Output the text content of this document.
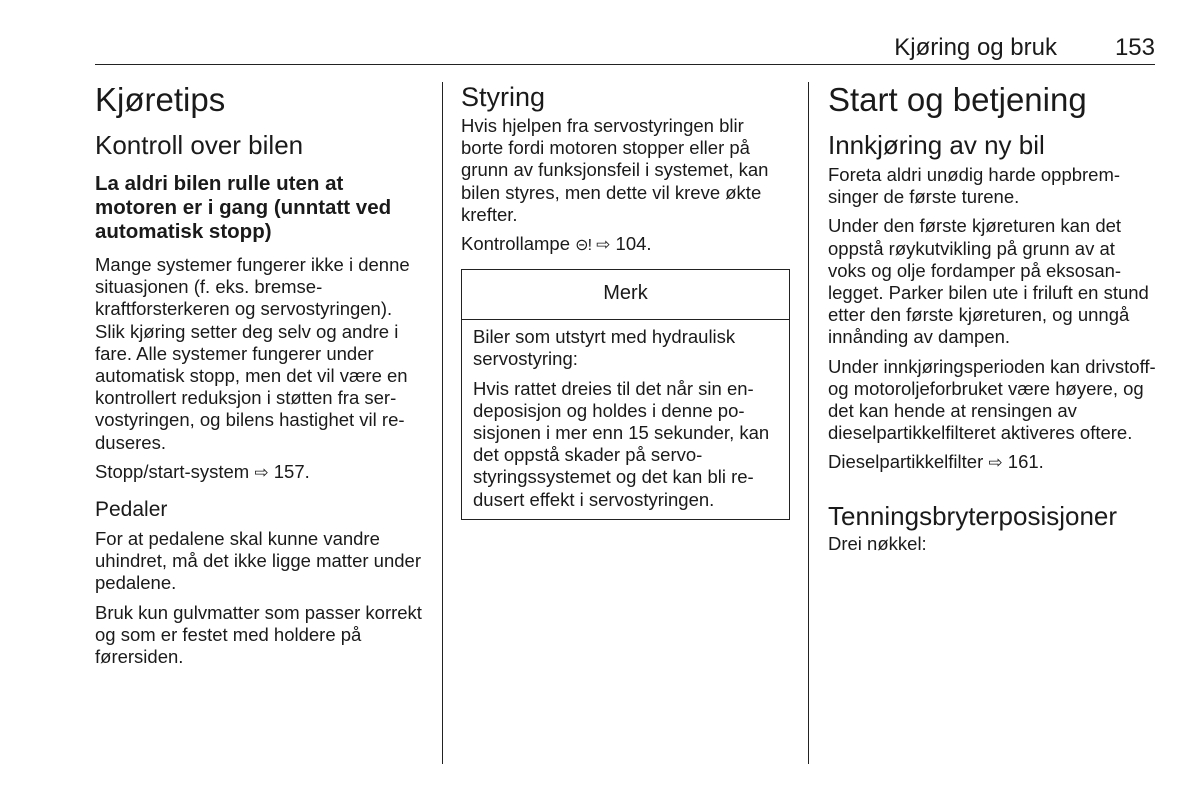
Kjøring og bruk 153
Kjøretips
Kontroll over bilen
La aldri bilen rulle uten at motoren er i gang (unntatt ved automatisk stopp)

Mange systemer fungerer ikke i denne situasjonen (f. eks. bremsekraftforsterkeren og servostyringen). Slik kjøring setter deg selv og andre i fare. Alle systemer fungerer under automatisk stopp, men det vil være en kontrollert reduksjon i støtten fra servostyringen, og bilens hastighet vil reduseres.

Stopp/start-system ⇨ 157.

Pedaler

For at pedalene skal kunne vandre uhindret, må det ikke ligge matter under pedalene.

Bruk kun gulvmatter som passer korrekt og som er festet med holdere på førersiden.

Styring

Hvis hjelpen fra servostyringen blir borte fordi motoren stopper eller på grunn av funksjonsfeil i systemet, kan bilen styres, men dette vil kreve økte krefter.

Kontrollampe ⊝! ⇨ 104.

Merk

Biler som utstyrt med hydraulisk servostyring:

Hvis rattet dreies til det når sin endeposisjon og holdes i denne posisjonen i mer enn 15 sekunder, kan det oppstå skader på servostyringssystemet og det kan bli redusert effekt i servostyringen.

Start og betjening
Innkjøring av ny bil

Foreta aldri unødig harde oppbremsinger de første turene.

Under den første kjøreturen kan det oppstå røykutvikling på grunn av at voks og olje fordamper på eksosanlegget. Parker bilen ute i friluft en stund etter den første kjøreturen, og unngå innånding av dampen.

Under innkjøringsperioden kan drivstoff- og motoroljeforbruket være høyere, og det kan hende at rensingen av dieselpartikkelfilteret aktiveres oftere.

Dieselpartikkelfilter ⇨ 161.

Tenningsbryterposisjoner

Drei nøkkel:
